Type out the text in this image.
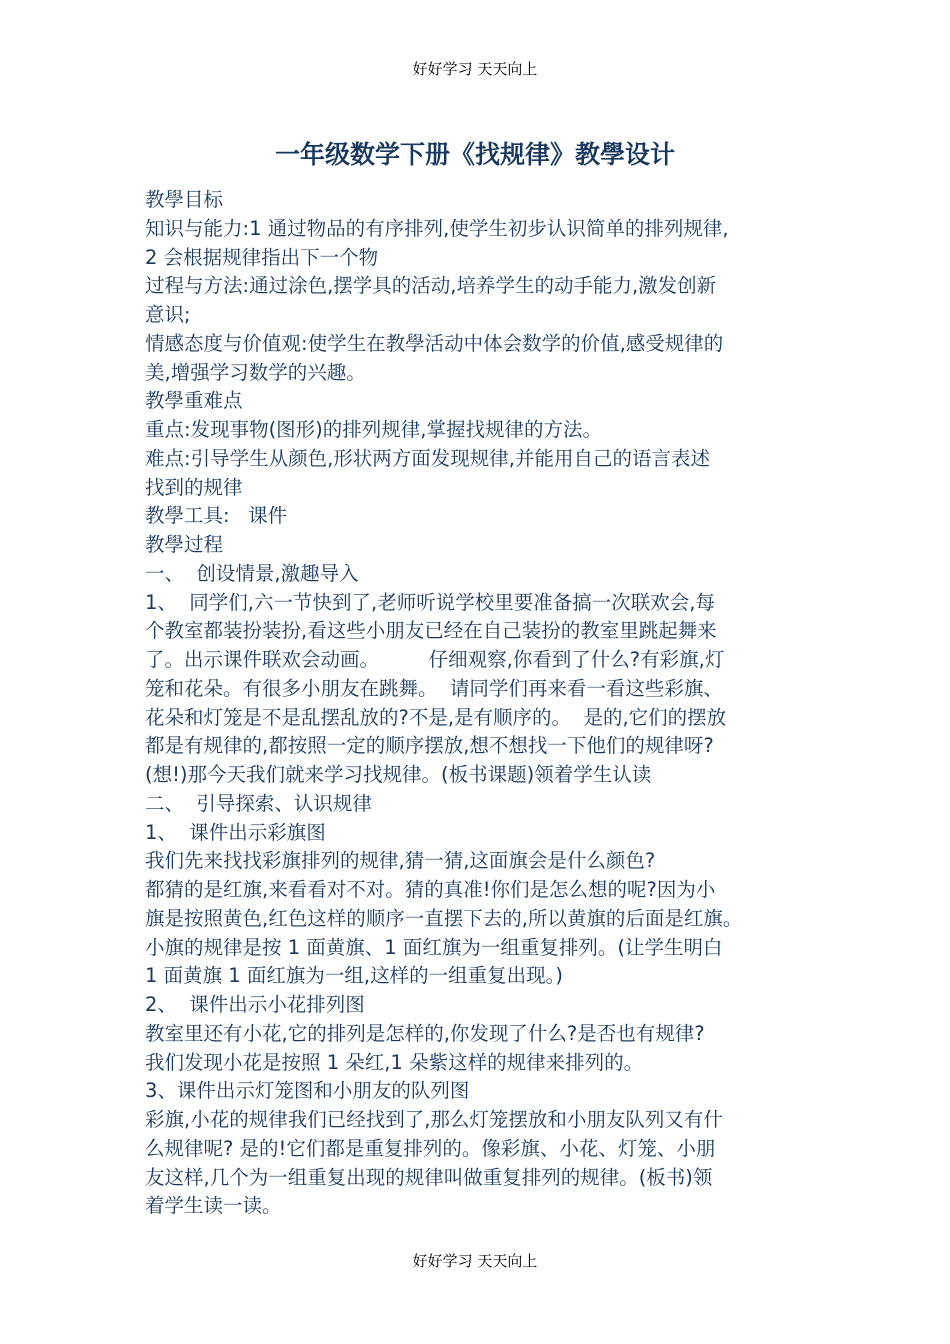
好好学习 天天向上
一年级数学下册《找规律》教學设计
教學目标
知识与能力:1 通过物品的有序排列,使学生初步认识简单的排列规律,
2 会根据规律指出下一个物
过程与方法:通过涂色,摆学具的活动,培养学生的动手能力,激发创新
意识;
情感态度与价值观:使学生在教學活动中体会数学的价值,感受规律的
美,增强学习数学的兴趣。
教學重难点
重点:发现事物(图形)的排列规律,掌握找规律的方法。
难点:引导学生从颜色,形状两方面发现规律,并能用自己的语言表述
找到的规律
教學工具:   课件
教學过程
一、  创设情景,激趣导入
1、  同学们,六一节快到了,老师听说学校里要准备搞一次联欢会,每
个教室都装扮装扮,看这些小朋友已经在自己装扮的教室里跳起舞来
了。出示课件联欢会动画。        仔细观察,你看到了什么?有彩旗,灯
笼和花朵。有很多小朋友在跳舞。  请同学们再来看一看这些彩旗、
花朵和灯笼是不是乱摆乱放的?不是,是有顺序的。  是的,它们的摆放
都是有规律的,都按照一定的顺序摆放,想不想找一下他们的规律呀?
(想!)那今天我们就来学习找规律。(板书课题)领着学生认读
二、  引导探索、认识规律
1、  课件出示彩旗图
我们先来找找彩旗排列的规律,猜一猜,这面旗会是什么颜色?
都猜的是红旗,来看看对不对。猜的真准!你们是怎么想的呢?因为小
旗是按照黄色,红色这样的顺序一直摆下去的,所以黄旗的后面是红旗。
小旗的规律是按 1 面黄旗、1 面红旗为一组重复排列。(让学生明白
1 面黄旗 1 面红旗为一组,这样的一组重复出现。)
2、  课件出示小花排列图
教室里还有小花,它的排列是怎样的,你发现了什么?是否也有规律?
我们发现小花是按照 1 朵红,1 朵紫这样的规律来排列的。
3、课件出示灯笼图和小朋友的队列图
彩旗,小花的规律我们已经找到了,那么灯笼摆放和小朋友队列又有什
么规律呢? 是的!它们都是重复排列的。像彩旗、小花、灯笼、小朋
友这样,几个为一组重复出现的规律叫做重复排列的规律。(板书)领
着学生读一读。
好好学习 天天向上
